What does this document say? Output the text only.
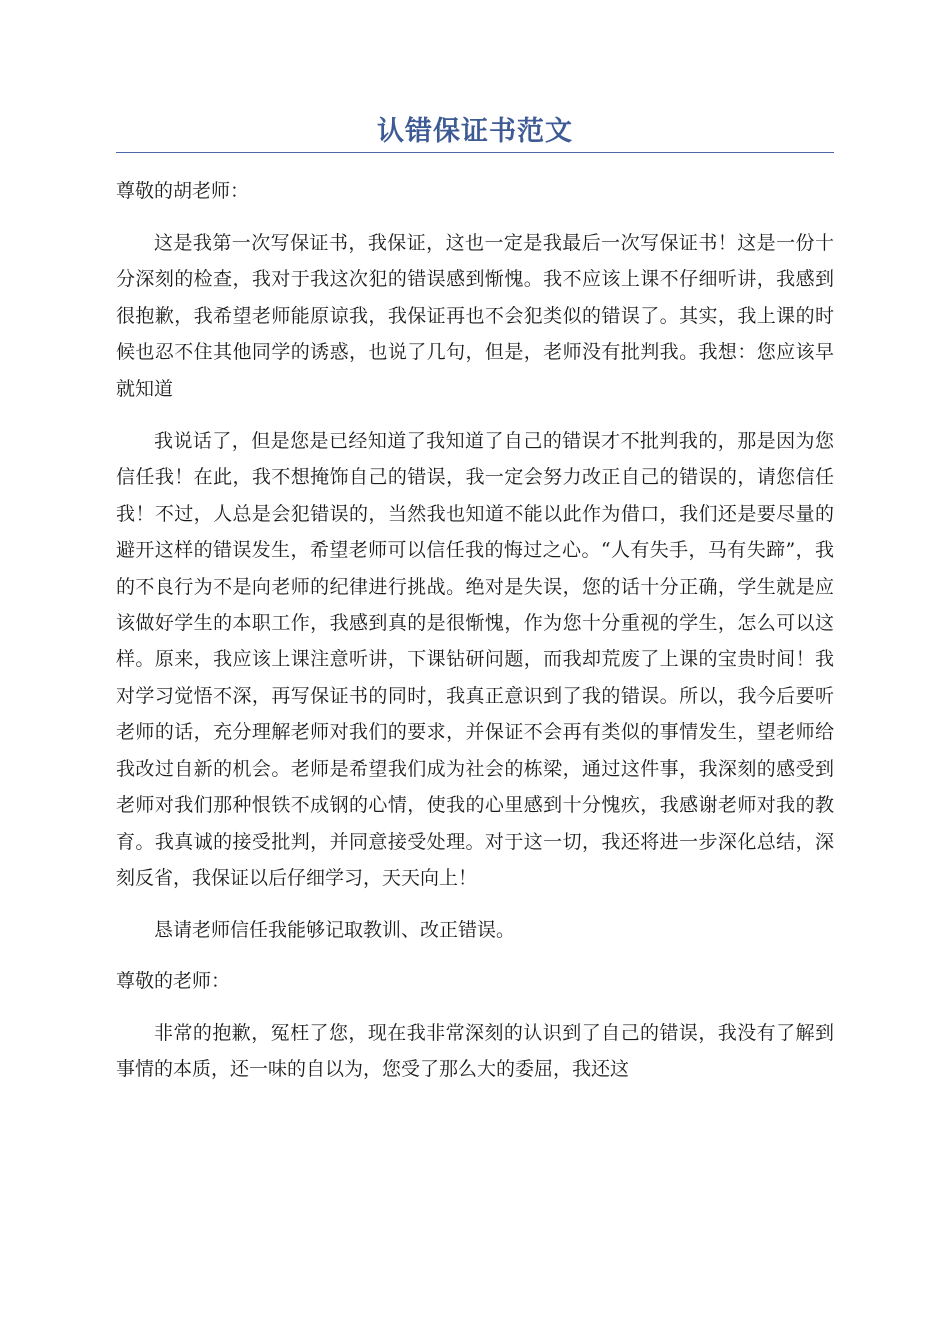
认错保证书范文

尊敬的胡老师：

这是我第一次写保证书，我保证，这也一定是我最后一次写保证书！这是一份十分深刻的检查，我对于我这次犯的错误感到惭愧。我不应该上课不仔细听讲，我感到很抱歉，我希望老师能原谅我，我保证再也不会犯类似的错误了。其实，我上课的时候也忍不住其他同学的诱惑，也说了几句，但是，老师没有批判我。我想：您应该早就知道

我说话了，但是您是已经知道了我知道了自己的错误才不批判我的，那是因为您信任我！在此，我不想掩饰自己的错误，我一定会努力改正自己的错误的，请您信任我！不过，人总是会犯错误的，当然我也知道不能以此作为借口，我们还是要尽量的避开这样的错误发生，希望老师可以信任我的悔过之心。“人有失手，马有失蹄”，我的不良行为不是向老师的纪律进行挑战。绝对是失误，您的话十分正确，学生就是应该做好学生的本职工作，我感到真的是很惭愧，作为您十分重视的学生，怎么可以这样。原来，我应该上课注意听讲，下课钻研问题，而我却荒废了上课的宝贵时间！我对学习觉悟不深，再写保证书的同时，我真正意识到了我的错误。所以，我今后要听老师的话，充分理解老师对我们的要求，并保证不会再有类似的事情发生，望老师给我改过自新的机会。老师是希望我们成为社会的栋梁，通过这件事，我深刻的感受到老师对我们那种恨铁不成钢的心情，使我的心里感到十分愧疚，我感谢老师对我的教育。我真诚的接受批判，并同意接受处理。对于这一切，我还将进一步深化总结，深刻反省，我保证以后仔细学习，天天向上！

恳请老师信任我能够记取教训、改正错误。

尊敬的老师：

非常的抱歉，冤枉了您，现在我非常深刻的认识到了自己的错误，我没有了解到事情的本质，还一味的自以为，您受了那么大的委屈，我还这
